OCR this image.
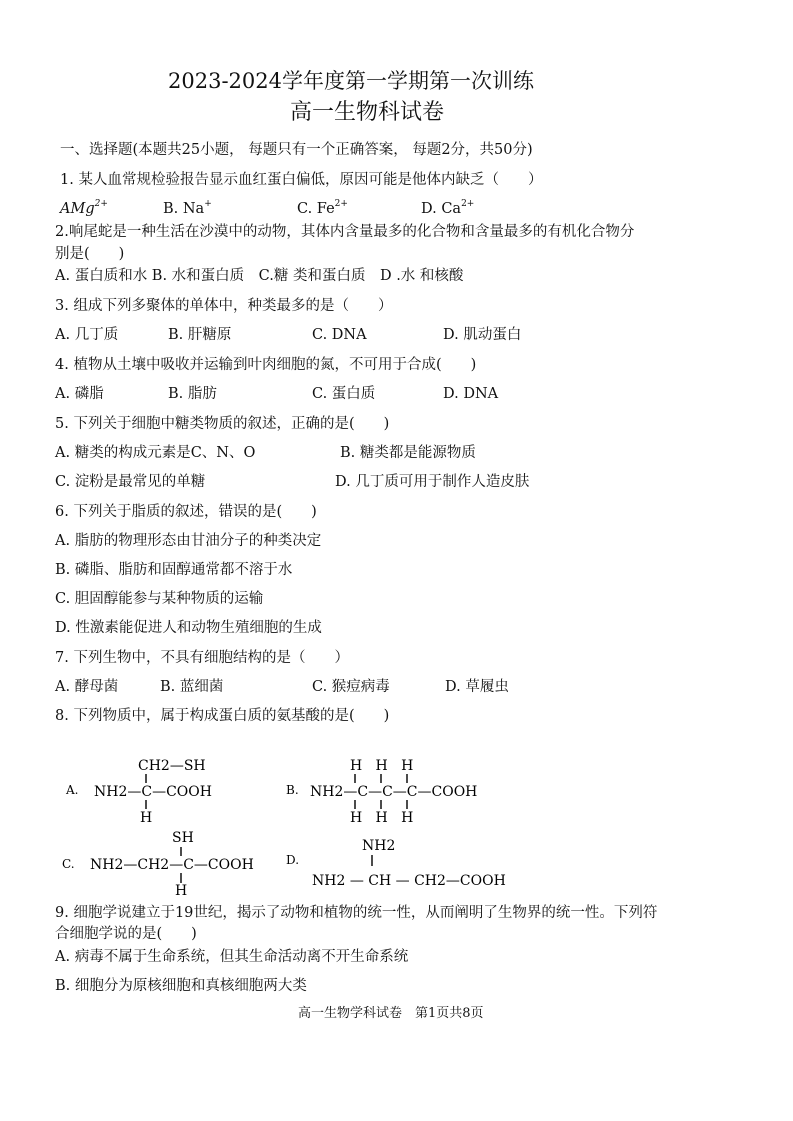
2023-2024学年度第一学期第一次训练
高一生物科试卷
一、选择题(本题共25小题， 每题只有一个正确答案， 每题2分，共50分)
1. 某人血常规检验报告显示血红蛋白偏低，原因可能是他体内缺乏（　　）
AMg$^{2+}$	B. Na+	C. $Fe^{2+}$	D. $Ca^{2+}$
2.响尾蛇是一种生活在沙漠中的动物，其体内含量最多的化合物和含量最多的有机化合物分
别是(　　)
A. 蛋白质和水 B. 水和蛋白质　C.糖 类和蛋白质　D .水 和核酸
3. 组成下列多聚体的单体中，种类最多的是（　　）
A. 几丁质	B. 肝糖原	C. DNA	D. 肌动蛋白
4. 植物从土壤中吸收并运输到叶肉细胞的氮，不可用于合成(　　)
A. 磷脂	B. 脂肪	C. 蛋白质	D. DNA
5. 下列关于细胞中糖类物质的叙述，正确的是(　　)
A. 糖类的构成元素是C、N、O	B. 糖类都是能源物质
C. 淀粉是最常见的单糖	D. 几丁质可用于制作人造皮肤
6. 下列关于脂质的叙述，错误的是(　　)
A. 脂肪的物理形态由甘油分子的种类决定
B. 磷脂、脂肪和固醇通常都不溶于水
C. 胆固醇能参与某种物质的运输
D. 性激素能促进人和动物生殖细胞的生成
7. 下列生物中，不具有细胞结构的是（　　）
A. 酵母菌	B. 蓝细菌	C. 猴痘病毒	D. 草履虫
8. 下列物质中，属于构成蛋白质的氨基酸的是(　　)
A.
CH2—SH
NH2—C—COOH
H
B.
H   H   H
NH2—C—C—C—COOH
H   H   H
C.
SH
NH2—CH2—C—COOH
H
D.
NH2
NH2 — CH — CH2—COOH
9. 细胞学说建立于19世纪，揭示了动物和植物的统一性，从而阐明了生物界的统一性。下列符
合细胞学说的是(　　)
A. 病毒不属于生命系统，但其生命活动离不开生命系统
B. 细胞分为原核细胞和真核细胞两大类
高一生物学科试卷　第1页共8页
